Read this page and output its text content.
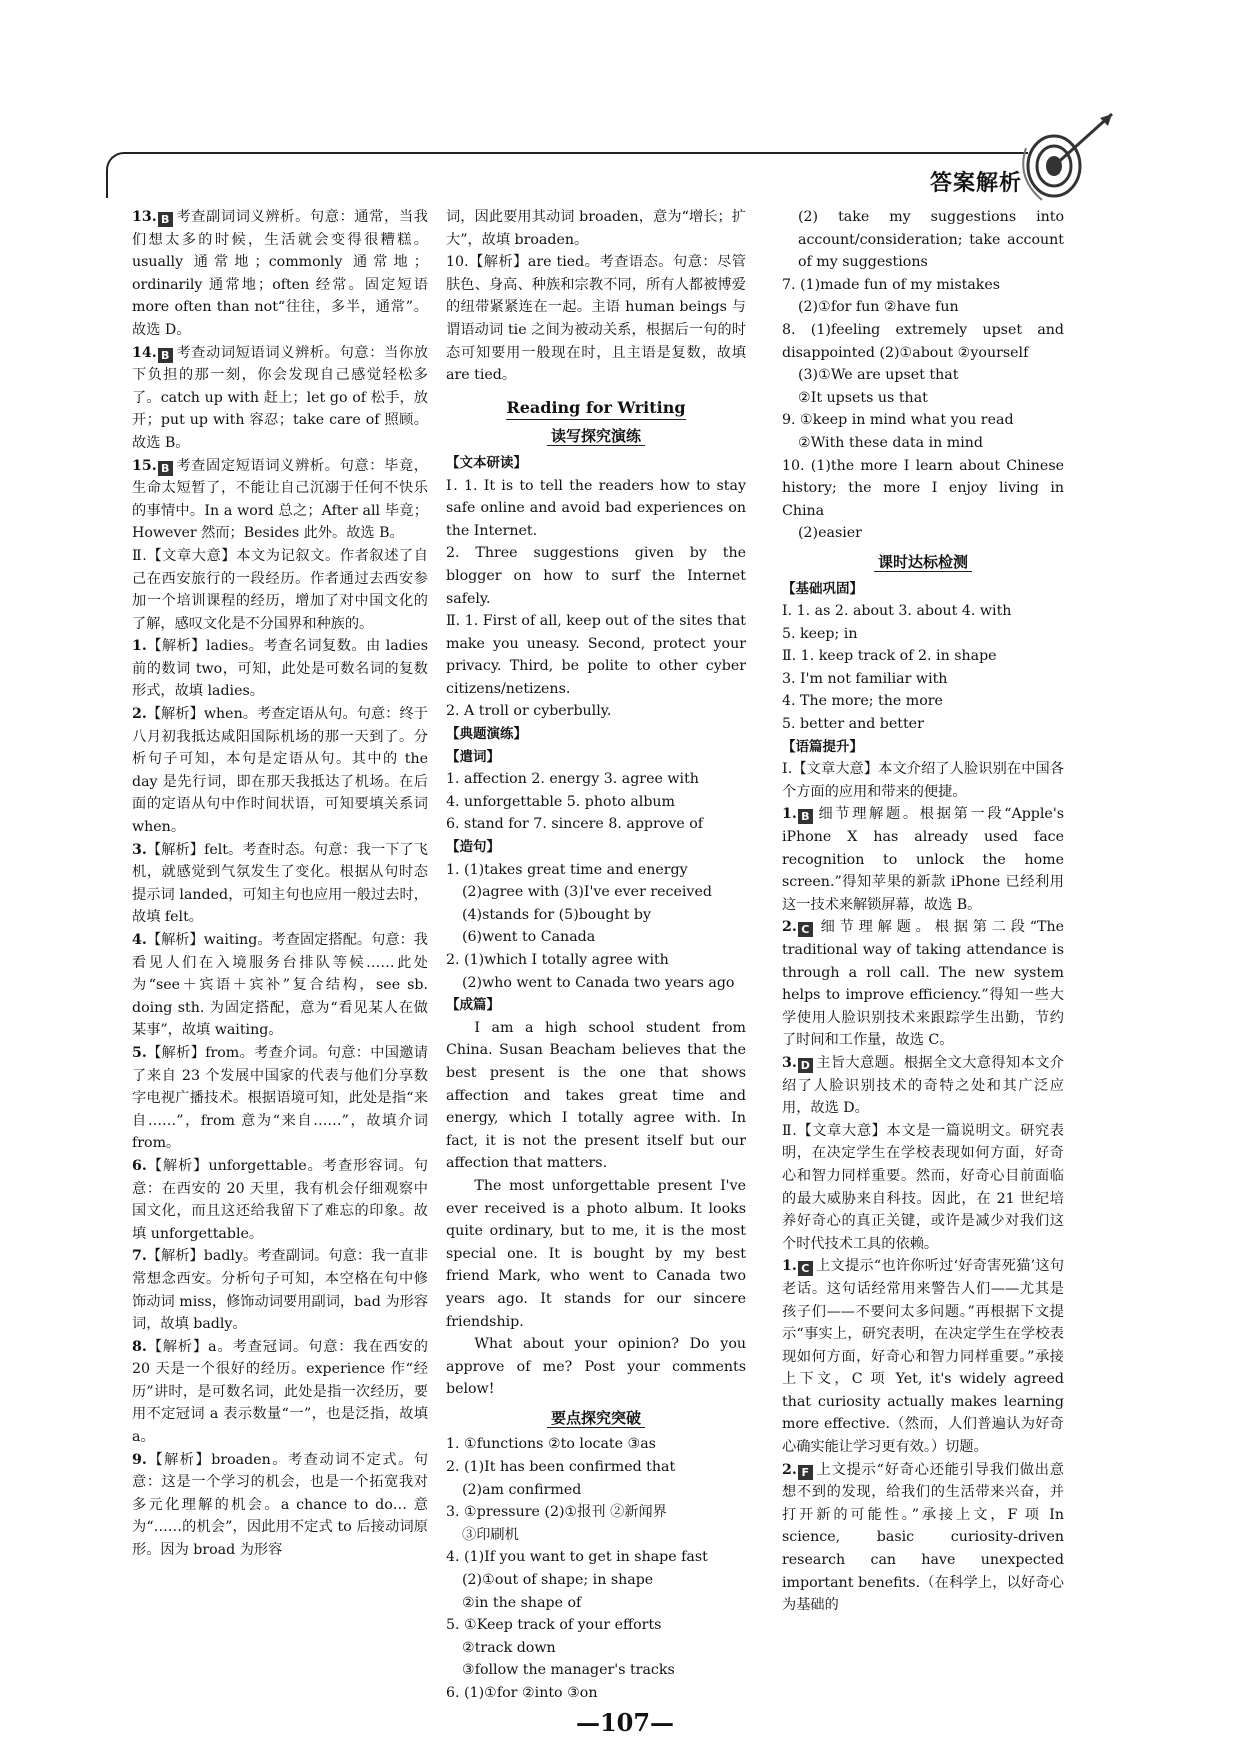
答案解析

13. B 考查副词词义辨析。句意：通常，当我们想太多的时候，生活就会变得很糟糕。usually 通常地；commonly 通常地；ordinarily 通常地；often 经常。固定短语 more often than not“往往，多半，通常”。故选 D。

14. B 考查动词短语词义辨析。句意：当你放下负担的那一刻，你会发现自己感觉轻松多了。catch up with 赶上；let go of 松手，放开；put up with 容忍；take care of 照顾。故选 B。

15. B 考查固定短语词义辨析。句意：毕竟，生命太短暂了，不能让自己沉溺于任何不快乐的事情中。In a word 总之；After all 毕竟；However 然而；Besides 此外。故选 B。

Ⅱ.【文章大意】本文为记叙文。作者叙述了自己在西安旅行的一段经历。作者通过去西安参加一个培训课程的经历，增加了对中国文化的了解，感叹文化是不分国界和种族的。

1.【解析】ladies。考查名词复数。由 ladies 前的数词 two，可知，此处是可数名词的复数形式，故填 ladies。

2.【解析】when。考查定语从句。句意：终于八月初我抵达咸阳国际机场的那一天到了。分析句子可知，本句是定语从句。其中的 the day 是先行词，即在那天我抵达了机场。在后面的定语从句中作时间状语，可知要填关系词 when。

3.【解析】felt。考查时态。句意：我一下了飞机，就感觉到气氛发生了变化。根据从句时态提示词 landed，可知主句也应用一般过去时，故填 felt。

4.【解析】waiting。考查固定搭配。句意：我看见人们在入境服务台排队等候……此处为“see＋宾语＋宾补”复合结构，see sb. doing sth. 为固定搭配，意为“看见某人在做某事”，故填 waiting。

5.【解析】from。考查介词。句意：中国邀请了来自 23 个发展中国家的代表与他们分享数字电视广播技术。根据语境可知，此处是指“来自……”，from 意为“来自……”，故填介词 from。

6.【解析】unforgettable。考查形容词。句意：在西安的 20 天里，我有机会仔细观察中国文化，而且这还给我留下了难忘的印象。故填 unforgettable。

7.【解析】badly。考查副词。句意：我一直非常想念西安。分析句子可知，本空格在句中修饰动词 miss，修饰动词要用副词，bad 为形容词，故填 badly。

8.【解析】a。考查冠词。句意：我在西安的 20 天是一个很好的经历。experience 作“经历”讲时，是可数名词，此处是指一次经历，要用不定冠词 a 表示数量“一”，也是泛指，故填 a。

9.【解析】broaden。考查动词不定式。句意：这是一个学习的机会，也是一个拓宽我对多元化理解的机会。a chance to do… 意为“……的机会”，因此用不定式 to 后接动词原形。因为 broad 为形容

词，因此要用其动词 broaden，意为“增长；扩大”，故填 broaden。

10.【解析】are tied。考查语态。句意：尽管肤色、身高、种族和宗教不同，所有人都被博爱的纽带紧紧连在一起。主语 human beings 与谓语动词 tie 之间为被动关系，根据后一句的时态可知要用一般现在时，且主语是复数，故填 are tied。

Reading for Writing
读写探究演练
【文本研读】

Ⅰ. 1. It is to tell the readers how to stay safe online and avoid bad experiences on the Internet.

2. Three suggestions given by the blogger on how to surf the Internet safely.

Ⅱ. 1. First of all, keep out of the sites that make you uneasy. Second, protect your privacy. Third, be polite to other cyber citizens/netizens.

2. A troll or cyberbully.

【典题演练】
【遣词】

1. affection 2. energy 3. agree with

4. unforgettable 5. photo album

6. stand for 7. sincere 8. approve of

【造句】

1. (1)takes great time and energy

(2)agree with (3)I've ever received

(4)stands for (5)bought by

(6)went to Canada

2. (1)which I totally agree with

(2)who went to Canada two years ago

【成篇】

I am a high school student from China. Susan Beacham believes that the best present is the one that shows affection and takes great time and energy, which I totally agree with. In fact, it is not the present itself but our affection that matters.

The most unforgettable present I've ever received is a photo album. It looks quite ordinary, but to me, it is the most special one. It is bought by my best friend Mark, who went to Canada two years ago. It stands for our sincere friendship.

What about your opinion? Do you approve of me? Post your comments below!

要点探究突破

1. ①functions ②to locate ③as

2. (1)It has been confirmed that

(2)am confirmed

3. ①pressure (2)①报刊 ②新闻界

③印刷机

4. (1)If you want to get in shape fast

(2)①out of shape; in shape

②in the shape of

5. ①Keep track of your efforts

②track down

③follow the manager's tracks

6. (1)①for ②into ③on

(2) take my suggestions into account/consideration; take account of my suggestions

7. (1)made fun of my mistakes

(2)①for fun ②have fun

8. (1)feeling extremely upset and disappointed (2)①about ②yourself

(3)①We are upset that

②It upsets us that

9. ①keep in mind what you read

②With these data in mind

10. (1)the more I learn about Chinese history; the more I enjoy living in China

(2)easier

课时达标检测
【基础巩固】

Ⅰ. 1. as 2. about 3. about 4. with

5. keep; in

Ⅱ. 1. keep track of 2. in shape

3. I'm not familiar with

4. The more; the more

5. better and better

【语篇提升】

Ⅰ.【文章大意】本文介绍了人脸识别在中国各个方面的应用和带来的便捷。

1. B 细节理解题。根据第一段“Apple's iPhone X has already used face recognition to unlock the home screen.”得知苹果的新款 iPhone 已经利用这一技术来解锁屏幕，故选 B。

2. C 细节理解题。根据第二段“The traditional way of taking attendance is through a roll call. The new system helps to improve efficiency.”得知一些大学使用人脸识别技术来跟踪学生出勤，节约了时间和工作量，故选 C。

3. D 主旨大意题。根据全文大意得知本文介绍了人脸识别技术的奇特之处和其广泛应用，故选 D。

Ⅱ.【文章大意】本文是一篇说明文。研究表明，在决定学生在学校表现如何方面，好奇心和智力同样重要。然而，好奇心目前面临的最大威胁来自科技。因此，在 21 世纪培养好奇心的真正关键，或许是减少对我们这个时代技术工具的依赖。

1. C 上文提示“也许你听过‘好奇害死猫’这句老话。这句话经常用来警告人们——尤其是孩子们——不要问太多问题。”再根据下文提示“事实上，研究表明，在决定学生在学校表现如何方面，好奇心和智力同样重要。”承接上下文，C 项 Yet, it's widely agreed that curiosity actually makes learning more effective.（然而，人们普遍认为好奇心确实能让学习更有效。）切题。

2. F 上文提示“好奇心还能引导我们做出意想不到的发现，给我们的生活带来兴奋，并打开新的可能性。”承接上文，F 项 In science, basic curiosity-driven research can have unexpected important benefits.（在科学上，以好奇心为基础的

—107—
